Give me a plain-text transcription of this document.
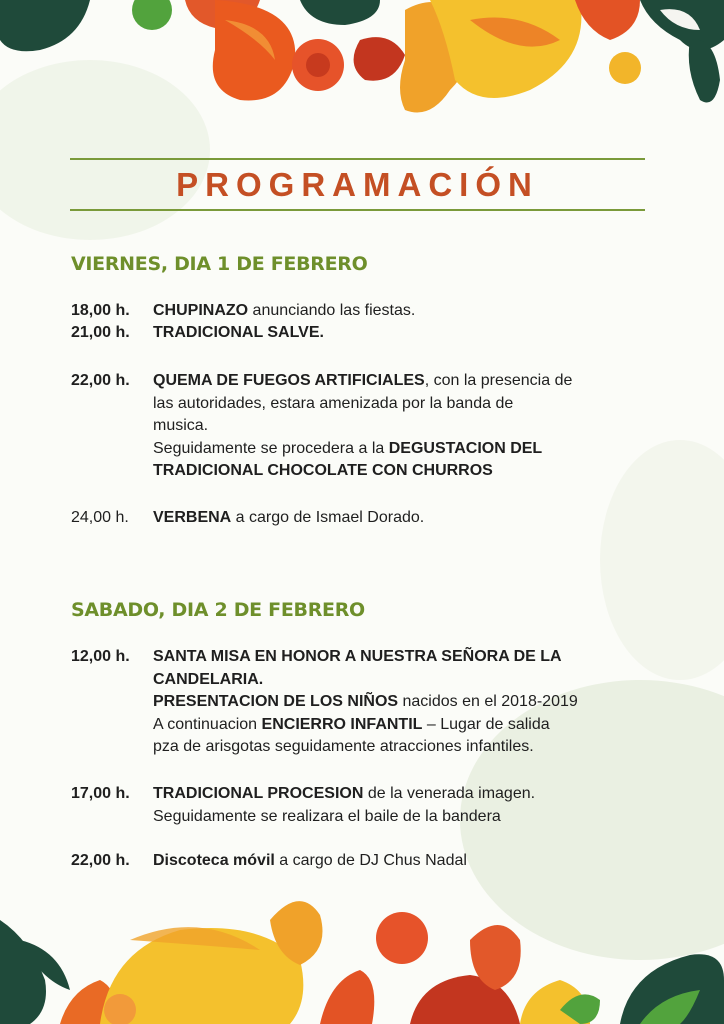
PROGRAMACIÓN
VIERNES, DIA 1 DE FEBRERO
18,00 h.	CHUPINAZO anunciando las fiestas.
21,00 h.	TRADICIONAL SALVE.
22,00 h.	QUEMA DE FUEGOS ARTIFICIALES, con la presencia de
las autoridades, estara amenizada por la banda de
musica.
Seguidamente se procedera a la DEGUSTACION DEL
TRADICIONAL CHOCOLATE CON CHURROS
24,00 h.	VERBENA a cargo de Ismael Dorado.
SABADO, DIA 2 DE FEBRERO
12,00 h.	SANTA MISA EN HONOR A NUESTRA SEÑORA DE LA
CANDELARIA.
PRESENTACION DE LOS NIÑOS nacidos en el 2018-2019
A continuacion ENCIERRO INFANTIL – Lugar de salida
pza de arisgotas seguidamente atracciones infantiles.
17,00 h.	TRADICIONAL PROCESION de la venerada imagen.
Seguidamente se realizara el baile de la bandera
22,00 h.	Discoteca móvil a cargo de DJ Chus Nadal
